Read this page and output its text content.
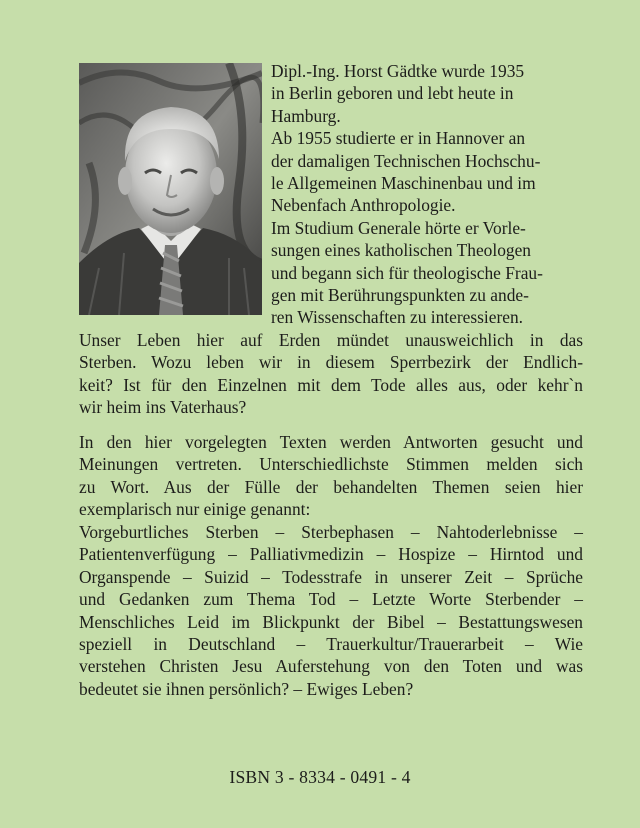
Dipl.-Ing. Horst Gädtke wurde 1935

in Berlin geboren und lebt heute in

Hamburg.

Ab 1955 studierte er in Hannover an

der damaligen Technischen Hochschu-

le Allgemeinen Maschinenbau und im

Nebenfach Anthropologie.

Im Studium Generale hörte er Vorle-

sungen eines katholischen Theologen

und begann sich für theologische Frau-

gen mit Berührungspunkten zu ande-

ren Wissenschaften zu interessieren.

Unser Leben hier auf Erden mündet unausweichlich in das
Sterben. Wozu leben wir in diesem Sperrbezirk der Endlich-
keit? Ist für den Einzelnen mit dem Tode alles aus, oder kehr`n
wir heim ins Vaterhaus?

In den hier vorgelegten Texten werden Antworten gesucht und
Meinungen vertreten. Unterschiedlichste Stimmen melden sich
zu Wort. Aus der Fülle der behandelten Themen seien hier
exemplarisch nur einige genannt:

Vorgeburtliches Sterben – Sterbephasen – Nahtoderlebnisse –
Patientenverfügung – Palliativmedizin – Hospize – Hirntod und
Organspende – Suizid – Todesstrafe in unserer Zeit – Sprüche
und Gedanken zum Thema Tod – Letzte Worte Sterbender –
Menschliches Leid im Blickpunkt der Bibel – Bestattungswesen
speziell in Deutschland – Trauerkultur/Trauerarbeit – Wie
verstehen Christen Jesu Auferstehung von den Toten und was
bedeutet sie ihnen persönlich? – Ewiges Leben?

ISBN 3 - 8334 - 0491 - 4
